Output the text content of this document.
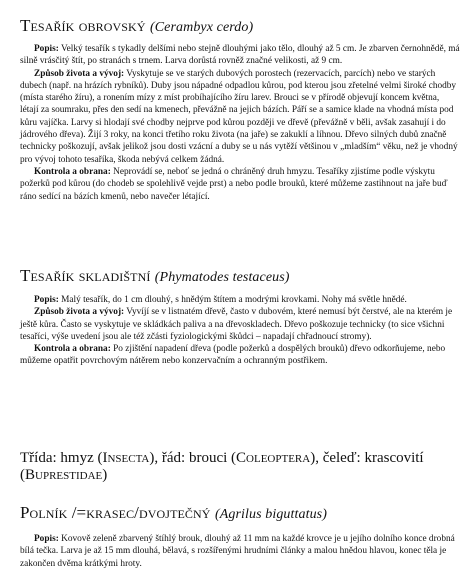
Tesařík obrovský (Cerambyx cerdo)

Popis: Velký tesařík s tykadly delšími nebo stejně dlouhými jako tělo, dlouhý až 5 cm. Je zbarven černohnědě, má silně vrásčitý štít, po stranách s trnem. Larva dorůstá rovněž značné velikosti, až 9 cm.

Způsob života a vývoj: Vyskytuje se ve starých dubových porostech (rezervacích, parcích) nebo ve starých dubech (např. na hrázích rybníků). Duby jsou nápadné odpadlou kůrou, pod kterou jsou zřetelné velmi široké chodby (místa starého žíru), a ronením mízy z míst probíhajícího žíru larev. Brouci se v přírodě objevují koncem května, létají za soumraku, přes den sedí na kmenech, převážně na jejich bázích. Páří se a samice klade na vhodná místa pod kůru vajíčka. Larvy si hlodají své chodby nejprve pod kůrou později ve dřevě (převážně v běli, avšak zasahují i do jádrového dřeva). Žijí 3 roky, na konci třetího roku života (na jaře) se zakuklí a líhnou. Dřevo silných dubů značně technicky poškozují, avšak jelikož jsou dosti vzácní a duby se u nás vytěží většinou v „mladším“ věku, než je vhodný pro vývoj tohoto tesaříka, škoda nebývá celkem žádná.

Kontrola a obrana: Neprovádí se, neboť se jedná o chráněný druh hmyzu. Tesaříky zjistíme podle výskytu požerků pod kůrou (do chodeb se spolehlivě vejde prst) a nebo podle brouků, které můžeme zastihnout na jaře buď ráno sedící na bázích kmenů, nebo navečer létající.

Tesařík skladištní (Phymatodes testaceus)

Popis: Malý tesařík, do 1 cm dlouhý, s hnědým štítem a modrými krovkami. Nohy má světle hnědé.

Způsob života a vývoj: Vyvíjí se v listnatém dřevě, často v dubovém, které nemusí být čerstvé, ale na kterém je ještě kůra. Často se vyskytuje ve skládkách paliva a na dřevoskladech. Dřevo poškozuje technicky (to sice všichni tesaříci, výše uvedení jsou ale též zčásti fyziologickými škůdci – napadají chřadnoucí stromy).

Kontrola a obrana: Po zjištění napadení dřeva (podle požerků a dospělých brouků) dřevo odkorňujeme, nebo můžeme opatřit povrchovým nátěrem nebo konzervačním a ochranným postřikem.

Třída: hmyz (Insecta), řád: brouci (Coleoptera), čeleď: krascovití

(Buprestidae)

Polník /=krasec/dvojtečný (Agrilus biguttatus)

Popis: Kovově zeleně zbarvený štíhlý brouk, dlouhý až 11 mm na každé krovce je u jejího dolního konce drobná bílá tečka. Larva je až 15 mm dlouhá, bělavá, s rozšířenými hrudními články a malou hnědou hlavou, konec těla je zakončen dvěma krátkými hroty.
